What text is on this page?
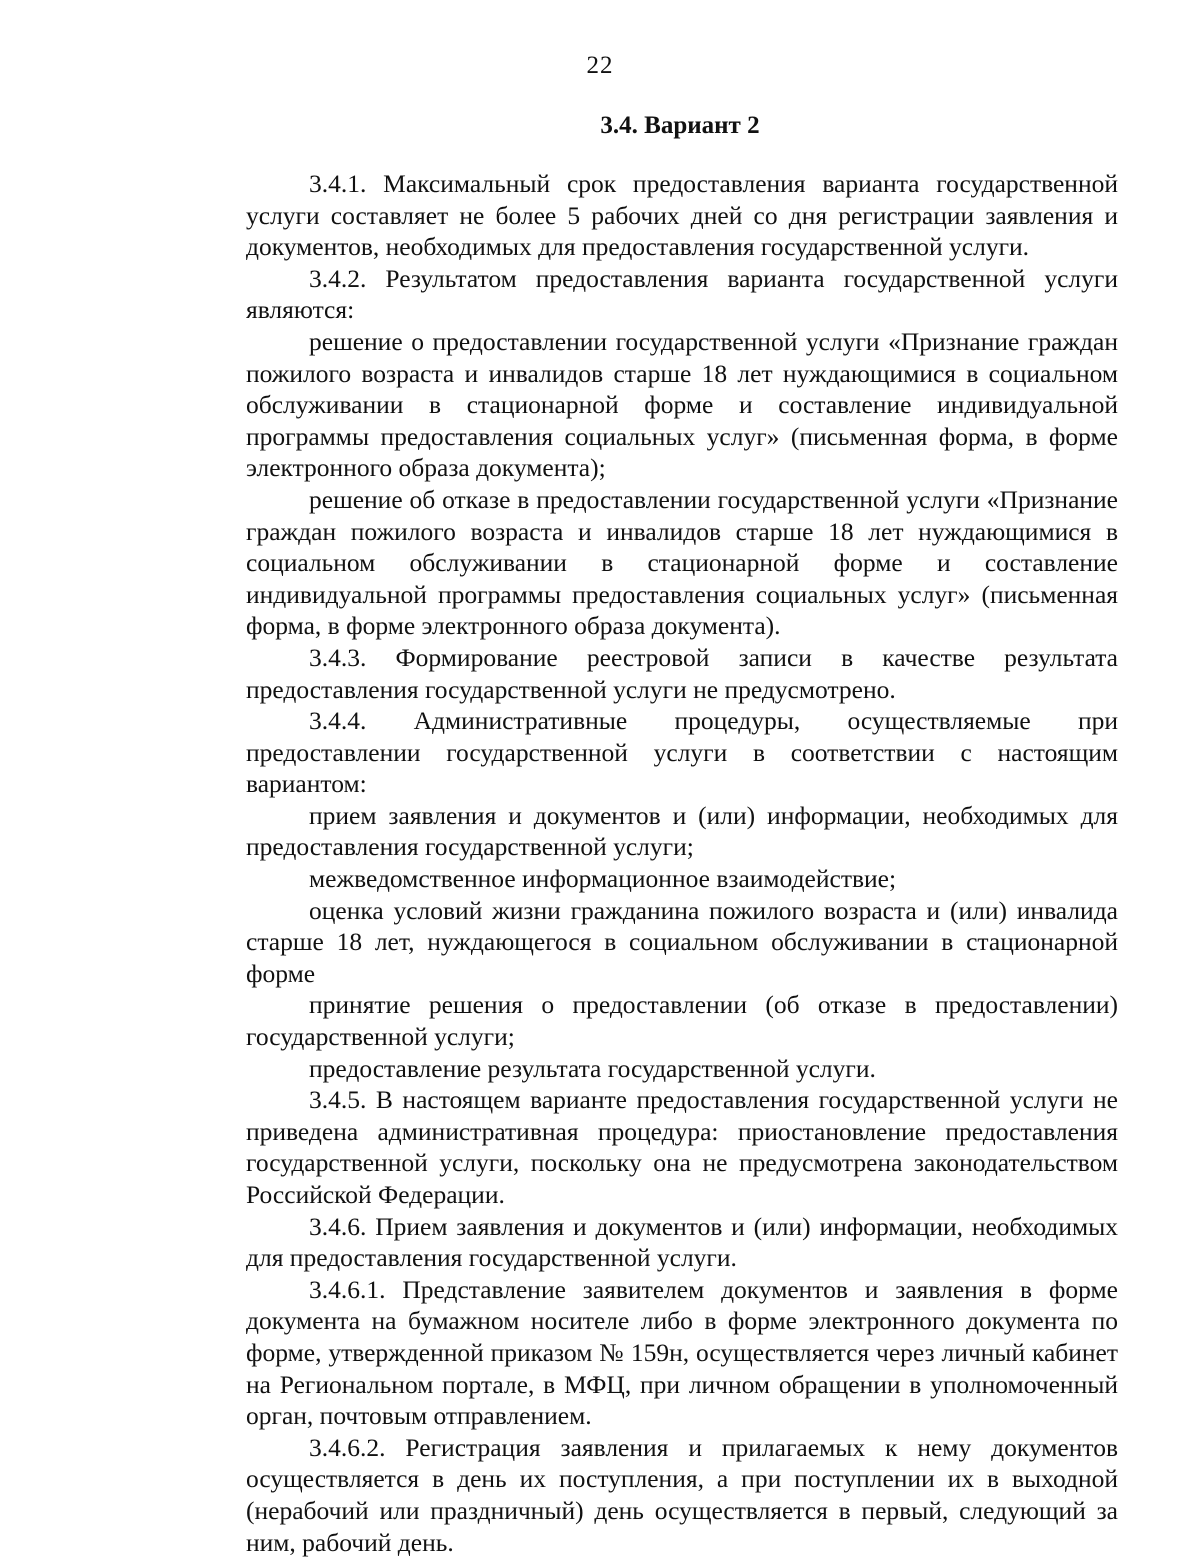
22
3.4. Вариант 2

3.4.1. Максимальный срок предоставления варианта государственной услуги составляет не более 5 рабочих дней со дня регистрации заявления и документов, необходимых для предоставления государственной услуги.

3.4.2. Результатом предоставления варианта государственной услуги являются:

решение о предоставлении государственной услуги «Признание граждан пожилого возраста и инвалидов старше 18 лет нуждающимися в социальном обслуживании в стационарной форме и составление индивидуальной программы предоставления социальных услуг» (письменная форма, в форме электронного образа документа);

решение об отказе в предоставлении государственной услуги «Признание граждан пожилого возраста и инвалидов старше 18 лет нуждающимися в социальном обслуживании в стационарной форме и составление индивидуальной программы предоставления социальных услуг» (письменная форма, в форме электронного образа документа).

3.4.3. Формирование реестровой записи в качестве результата предоставления государственной услуги не предусмотрено.

3.4.4. Административные процедуры, осуществляемые при предоставлении государственной услуги в соответствии с настоящим вариантом:

прием заявления и документов и (или) информации, необходимых для предоставления государственной услуги;

межведомственное информационное взаимодействие;

оценка условий жизни гражданина пожилого возраста и (или) инвалида старше 18 лет, нуждающегося в социальном обслуживании в стационарной форме

принятие решения о предоставлении (об отказе в предоставлении) государственной услуги;

предоставление результата государственной услуги.

3.4.5. В настоящем варианте предоставления государственной услуги не приведена административная процедура: приостановление предоставления государственной услуги, поскольку она не предусмотрена законодательством Российской Федерации.

3.4.6. Прием заявления и документов и (или) информации, необходимых для предоставления государственной услуги.

3.4.6.1. Представление заявителем документов и заявления в форме документа на бумажном носителе либо в форме электронного документа по форме, утвержденной приказом № 159н, осуществляется через личный кабинет на Региональном портале, в МФЦ, при личном обращении в уполномоченный орган, почтовым отправлением.

3.4.6.2. Регистрация заявления и прилагаемых к нему документов осуществляется в день их поступления, а при поступлении их в выходной (нерабочий или праздничный) день осуществляется в первый, следующий за ним, рабочий день.
